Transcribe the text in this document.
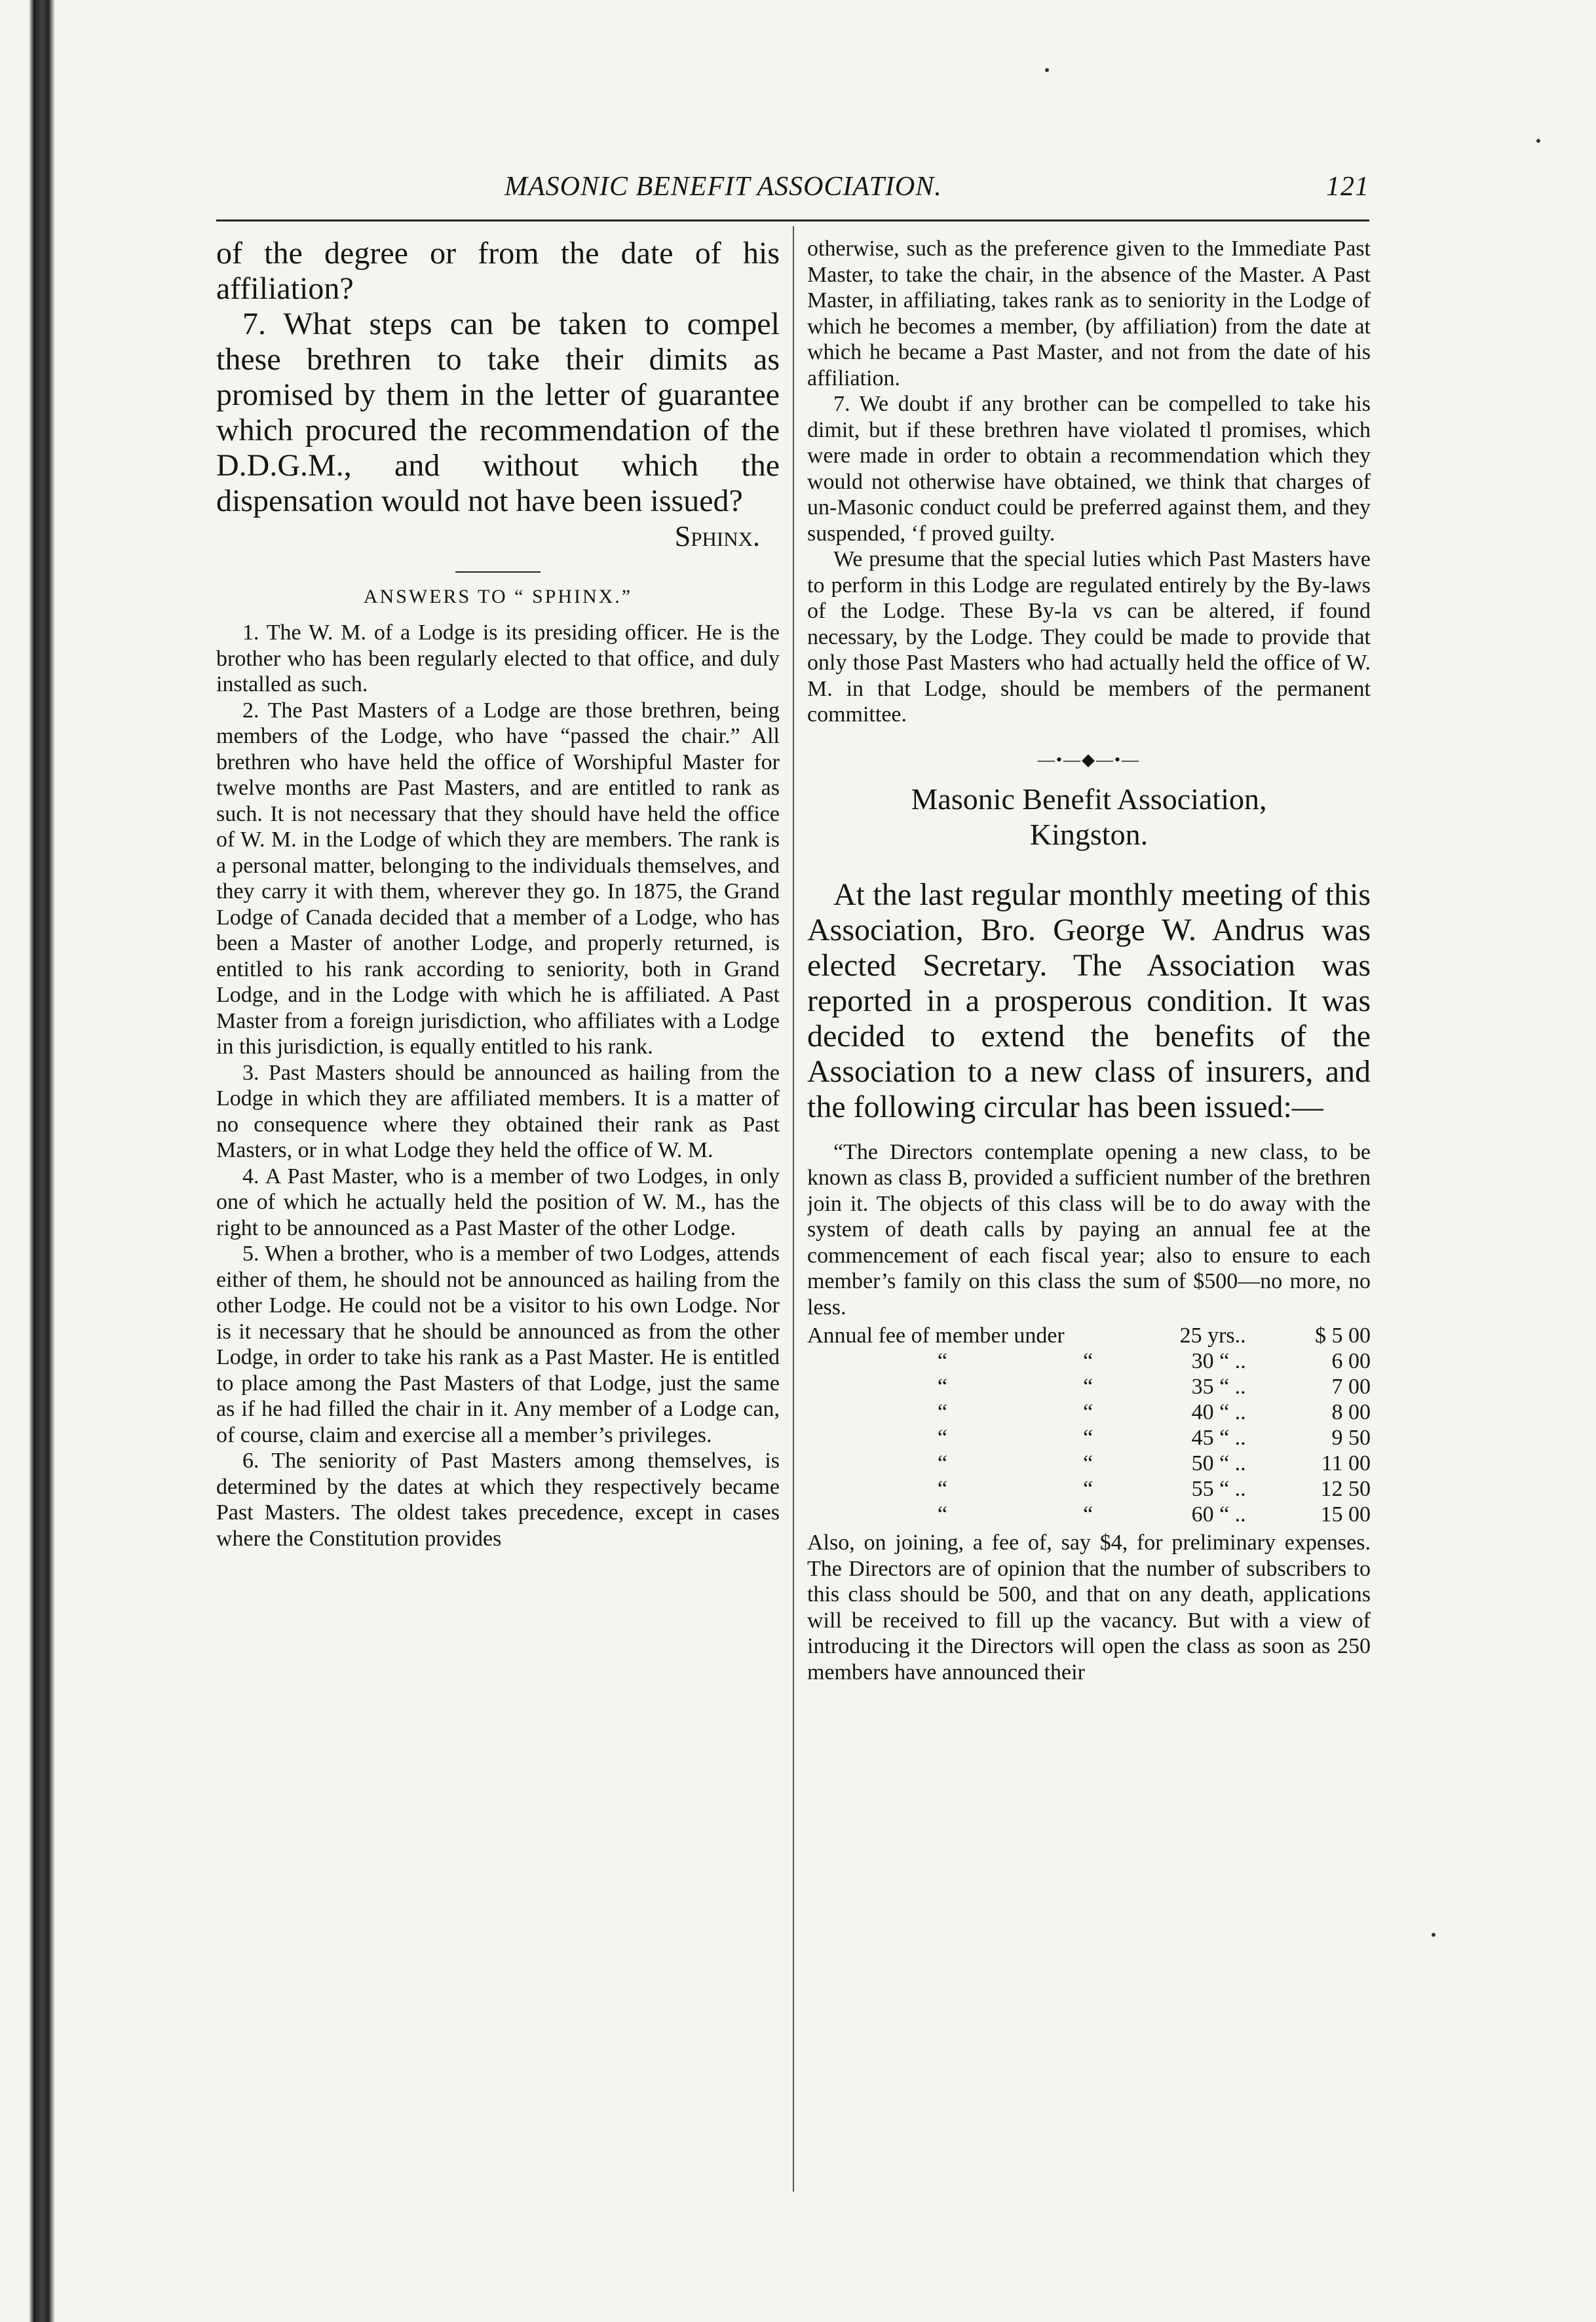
MASONIC BENEFIT ASSOCIATION.	121

of the degree or from the date of his affiliation?

7. What steps can be taken to compel these brethren to take their dimits as promised by them in the letter of guarantee which procured the recommendation of the D.D.G.M., and without which the dispensation would not have been issued?

Sphinx.

ANSWERS TO “ SPHINX.”

1. The W. M. of a Lodge is its presiding officer. He is the brother who has been regularly elected to that office, and duly installed as such.

2. The Past Masters of a Lodge are those brethren, being members of the Lodge, who have “passed the chair.” All brethren who have held the office of Worshipful Master for twelve months are Past Masters, and are entitled to rank as such. It is not necessary that they should have held the office of W. M. in the Lodge of which they are members. The rank is a personal matter, belonging to the individuals themselves, and they carry it with them, wherever they go. In 1875, the Grand Lodge of Canada decided that a member of a Lodge, who has been a Master of another Lodge, and properly returned, is entitled to his rank according to seniority, both in Grand Lodge, and in the Lodge with which he is affiliated. A Past Master from a foreign jurisdiction, who affiliates with a Lodge in this jurisdiction, is equally entitled to his rank.

3. Past Masters should be announced as hailing from the Lodge in which they are affiliated members. It is a matter of no consequence where they obtained their rank as Past Masters, or in what Lodge they held the office of W. M.

4. A Past Master, who is a member of two Lodges, in only one of which he actually held the position of W. M., has the right to be announced as a Past Master of the other Lodge.

5. When a brother, who is a member of two Lodges, attends either of them, he should not be announced as hailing from the other Lodge. He could not be a visitor to his own Lodge. Nor is it necessary that he should be announced as from the other Lodge, in order to take his rank as a Past Master. He is entitled to place among the Past Masters of that Lodge, just the same as if he had filled the chair in it. Any member of a Lodge can, of course, claim and exercise all a member’s privileges.

6. The seniority of Past Masters among themselves, is determined by the dates at which they respectively became Past Masters. The oldest takes precedence, except in cases where the Constitution provides

otherwise, such as the preference given to the Immediate Past Master, to take the chair, in the absence of the Master. A Past Master, in affiliating, takes rank as to seniority in the Lodge of which he becomes a member, (by affiliation) from the date at which he became a Past Master, and not from the date of his affiliation.

7. We doubt if any brother can be compelled to take his dimit, but if these brethren have violated tl promises, which were made in order to obtain a recommendation which they would not otherwise have obtained, we think that charges of un-Masonic conduct could be preferred against them, and they suspended, ‘f proved guilty.

We presume that the special luties which Past Masters have to perform in this Lodge are regulated entirely by the By-laws of the Lodge. These By-la vs can be altered, if found necessary, by the Lodge. They could be made to provide that only those Past Masters who had actually held the office of W. M. in that Lodge, should be members of the permanent committee.

—•—◆—•—
Masonic Benefit Association,
Kingston.

At the last regular monthly meeting of this Association, Bro. George W. Andrus was elected Secretary. The Association was reported in a prosperous condition. It was decided to extend the benefits of the Association to a new class of insurers, and the following circular has been issued:—

“The Directors contemplate opening a new class, to be known as class B, provided a sufficient number of the brethren join it. The objects of this class will be to do away with the system of death calls by paying an annual fee at the commencement of each fiscal year; also to ensure to each member’s family on this class the sum of $500—no more, no less.

Annual fee of member under		25 yrs..	$ 5 00
“	“	30 “ ..	6 00
“	“	35 “ ..	7 00
“	“	40 “ ..	8 00
“	“	45 “ ..	9 50
“	“	50 “ ..	11 00
“	“	55 “ ..	12 50
“	“	60 “ ..	15 00

Also, on joining, a fee of, say $4, for preliminary expenses. The Directors are of opinion that the number of subscribers to this class should be 500, and that on any death, applications will be received to fill up the vacancy. But with a view of introducing it the Directors will open the class as soon as 250 members have announced their
